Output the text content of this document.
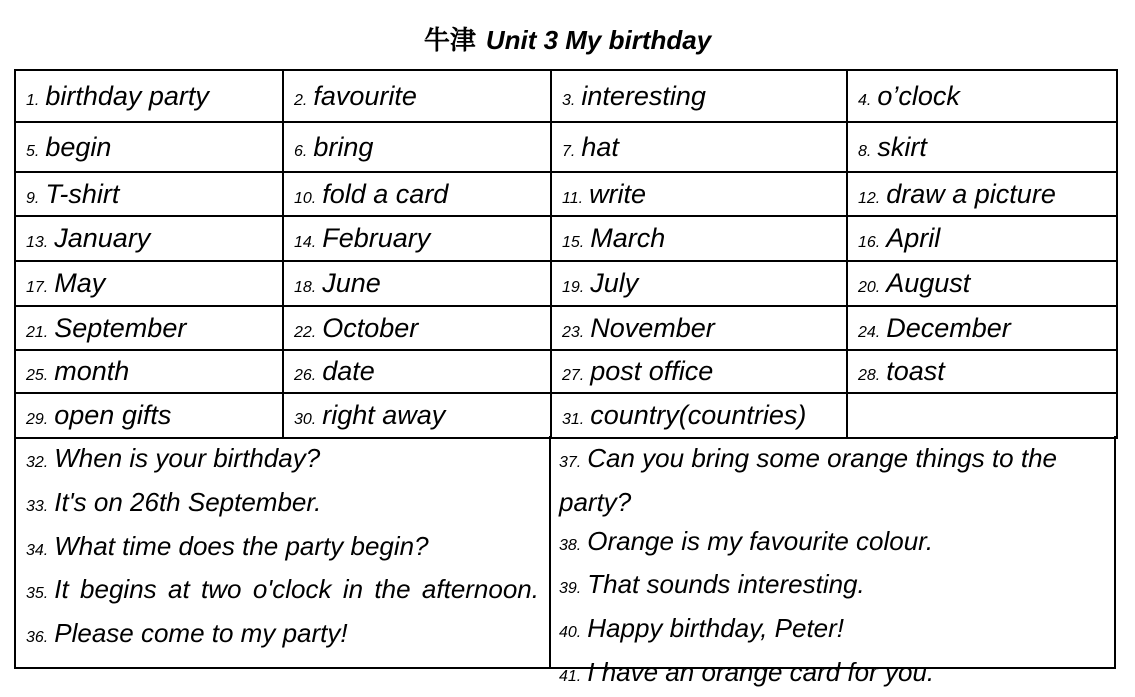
牛津 Unit 3 My birthday
1. birthday party	2. favourite	3. interesting	4. o’clock
5. begin	6. bring	7. hat	8. skirt
9. T-shirt	10. fold a card	11. write	12. draw a picture
13. January	14. February	15. March	16. April
17. May	18. June	19. July	20. August
21. September	22. October	23. November	24. December
25. month	26. date	27. post office	28. toast
29. open gifts	30. right away	31. country(countries)	
32. When is your birthday?
33. It's on 26th September.
34. What time does the party begin?
35. It begins at two o'clock in the afternoon.
36. Please come to my party!
37. Can you bring some orange things to the party?
38. Orange is my favourite colour.
39. That sounds interesting.
40. Happy birthday, Peter!
41. I have an orange card for you.
